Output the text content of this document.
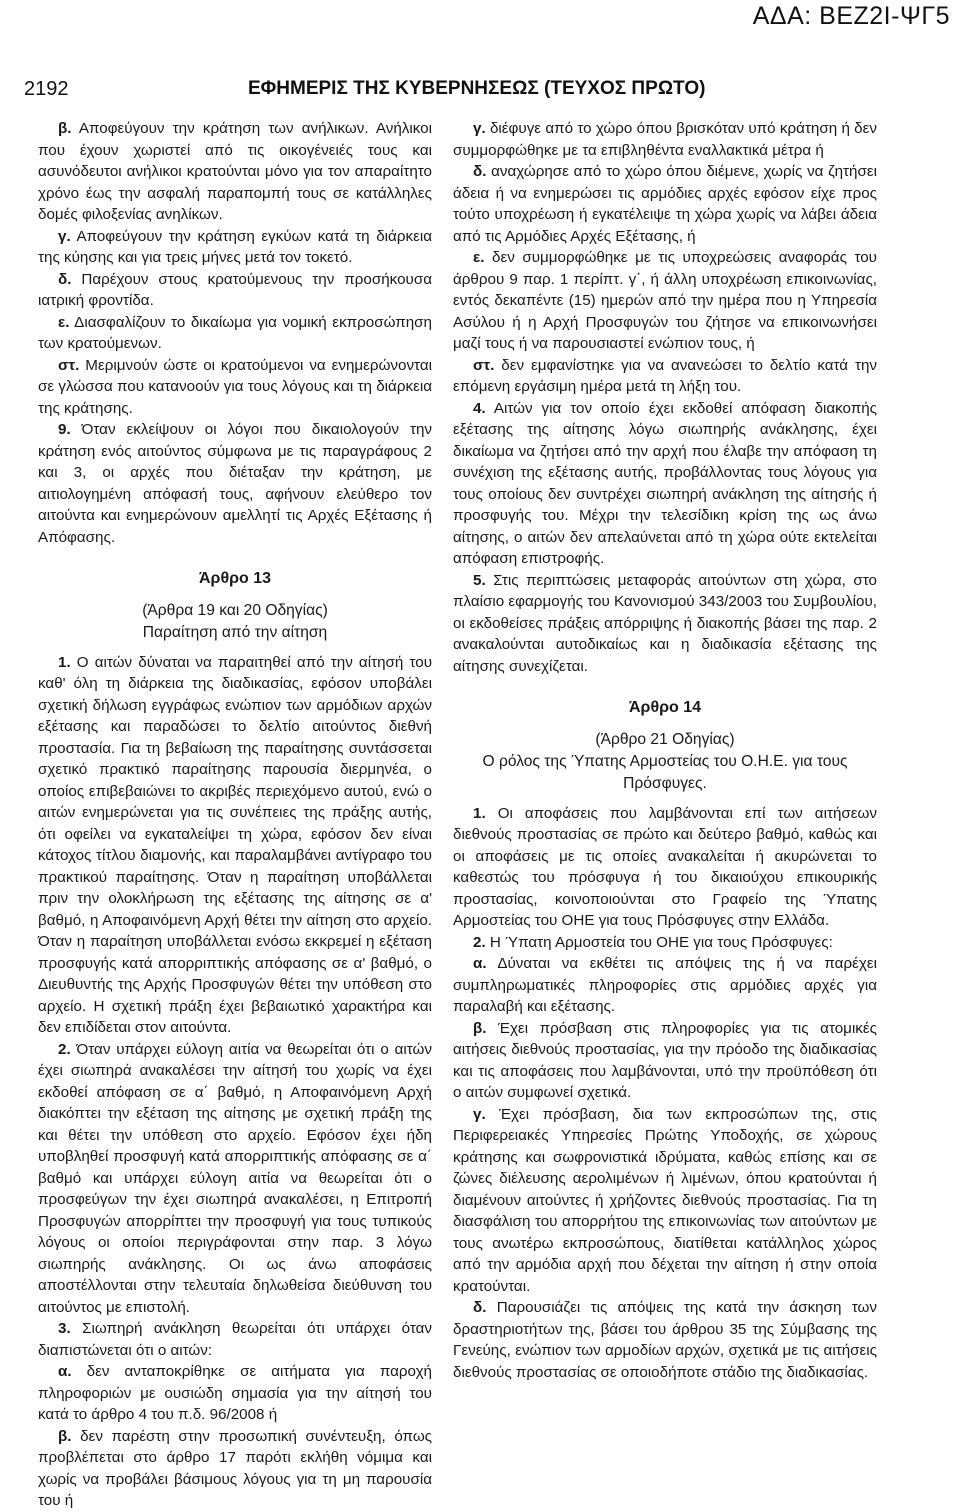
ΑΔΑ: ΒΕΖ2Ι-ΨΓ5
2192	ΕΦΗΜΕΡΙΣ ΤΗΣ ΚΥΒΕΡΝΗΣΕΩΣ (ΤΕΥΧΟΣ ΠΡΩΤΟ)

β. Αποφεύγουν την κράτηση των ανήλικων. Ανήλικοι που έχουν χωριστεί από τις οικογένειές τους και ασυνόδευτοι ανήλικοι κρατούνται μόνο για τον απαραίτητο χρόνο έως την ασφαλή παραπομπή τους σε κατάλληλες δομές φιλοξενίας ανηλίκων.

γ. Αποφεύγουν την κράτηση εγκύων κατά τη διάρκεια της κύησης και για τρεις μήνες μετά τον τοκετό.

δ. Παρέχουν στους κρατούμενους την προσήκουσα ιατρική φροντίδα.

ε. Διασφαλίζουν το δικαίωμα για νομική εκπροσώπηση των κρατούμενων.

στ. Μεριμνούν ώστε οι κρατούμενοι να ενημερώνονται σε γλώσσα που κατανοούν για τους λόγους και τη διάρκεια της κράτησης.

9. Όταν εκλείψουν οι λόγοι που δικαιολογούν την κράτηση ενός αιτούντος σύμφωνα με τις παραγράφους 2 και 3, οι αρχές που διέταξαν την κράτηση, με αιτιολογημένη απόφασή τους, αφήνουν ελεύθερο τον αιτούντα και ενημερώνουν αμελλητί τις Αρχές Εξέτασης ή Απόφασης.

Άρθρο 13

(Άρθρα 19 και 20 Οδηγίας)

Παραίτηση από την αίτηση

1. Ο αιτών δύναται να παραιτηθεί από την αίτησή του καθ' όλη τη διάρκεια της διαδικασίας, εφόσον υποβάλει σχετική δήλωση εγγράφως ενώπιον των αρμόδιων αρχών εξέτασης και παραδώσει το δελτίο αιτούντος διεθνή προστασία. Για τη βεβαίωση της παραίτησης συντάσσεται σχετικό πρακτικό παραίτησης παρουσία διερμηνέα, ο οποίος επιβεβαιώνει το ακριβές περιεχόμενο αυτού, ενώ ο αιτών ενημερώνεται για τις συνέπειες της πράξης αυτής, ότι οφείλει να εγκαταλείψει τη χώρα, εφόσον δεν είναι κάτοχος τίτλου διαμονής, και παραλαμβάνει αντίγραφο του πρακτικού παραίτησης. Όταν η παραίτηση υποβάλλεται πριν την ολοκλήρωση της εξέτασης της αίτησης σε α' βαθμό, η Αποφαινόμενη Αρχή θέτει την αίτηση στο αρχείο. Όταν η παραίτηση υποβάλλεται ενόσω εκκρεμεί η εξέταση προσφυγής κατά απορριπτικής απόφασης σε α' βαθμό, ο Διευθυντής της Αρχής Προσφυγών θέτει την υπόθεση στο αρχείο. Η σχετική πράξη έχει βεβαιωτικό χαρακτήρα και δεν επιδίδεται στον αιτούντα.

2. Όταν υπάρχει εύλογη αιτία να θεωρείται ότι ο αιτών έχει σιωπηρά ανακαλέσει την αίτησή του χωρίς να έχει εκδοθεί απόφαση σε α΄ βαθμό, η Αποφαινόμενη Αρχή διακόπτει την εξέταση της αίτησης με σχετική πράξη της και θέτει την υπόθεση στο αρχείο. Εφόσον έχει ήδη υποβληθεί προσφυγή κατά απορριπτικής απόφασης σε α΄ βαθμό και υπάρχει εύλογη αιτία να θεωρείται ότι ο προσφεύγων την έχει σιωπηρά ανακαλέσει, η Επιτροπή Προσφυγών απορρίπτει την προσφυγή για τους τυπικούς λόγους οι οποίοι περιγράφονται στην παρ. 3 λόγω σιωπηρής ανάκλησης. Οι ως άνω αποφάσεις αποστέλλονται στην τελευταία δηλωθείσα διεύθυνση του αιτούντος με επιστολή.

3. Σιωπηρή ανάκληση θεωρείται ότι υπάρχει όταν διαπιστώνεται ότι ο αιτών:

α. δεν ανταποκρίθηκε σε αιτήματα για παροχή πληροφοριών με ουσιώδη σημασία για την αίτησή του κατά το άρθρο 4 του π.δ. 96/2008 ή

β. δεν παρέστη στην προσωπική συνέντευξη, όπως προβλέπεται στο άρθρο 17 παρότι εκλήθη νόμιμα και χωρίς να προβάλει βάσιμους λόγους για τη μη παρουσία του ή

γ. διέφυγε από το χώρο όπου βρισκόταν υπό κράτηση ή δεν συμμορφώθηκε με τα επιβληθέντα εναλλακτικά μέτρα ή

δ. αναχώρησε από το χώρο όπου διέμενε, χωρίς να ζητήσει άδεια ή να ενημερώσει τις αρμόδιες αρχές εφόσον είχε προς τούτο υποχρέωση ή εγκατέλειψε τη χώρα χωρίς να λάβει άδεια από τις Αρμόδιες Αρχές Εξέτασης, ή

ε. δεν συμμορφώθηκε με τις υποχρεώσεις αναφοράς του άρθρου 9 παρ. 1 περίπτ. γ΄, ή άλλη υποχρέωση επικοινωνίας, εντός δεκαπέντε (15) ημερών από την ημέρα που η Υπηρεσία Ασύλου ή η Αρχή Προσφυγών του ζήτησε να επικοινωνήσει μαζί τους ή να παρουσιαστεί ενώπιον τους, ή

στ. δεν εμφανίστηκε για να ανανεώσει το δελτίο κατά την επόμενη εργάσιμη ημέρα μετά τη λήξη του.

4. Αιτών για τον οποίο έχει εκδοθεί απόφαση διακοπής εξέτασης της αίτησης λόγω σιωπηρής ανάκλησης, έχει δικαίωμα να ζητήσει από την αρχή που έλαβε την απόφαση τη συνέχιση της εξέτασης αυτής, προβάλλοντας τους λόγους για τους οποίους δεν συντρέχει σιωπηρή ανάκληση της αίτησής ή προσφυγής του. Μέχρι την τελεσίδικη κρίση της ως άνω αίτησης, ο αιτών δεν απελαύνεται από τη χώρα ούτε εκτελείται απόφαση επιστροφής.

5. Στις περιπτώσεις μεταφοράς αιτούντων στη χώρα, στο πλαίσιο εφαρμογής του Κανονισμού 343/2003 του Συμβουλίου, οι εκδοθείσες πράξεις απόρριψης ή διακοπής βάσει της παρ. 2 ανακαλούνται αυτοδικαίως και η διαδικασία εξέτασης της αίτησης συνεχίζεται.

Άρθρο 14

(Άρθρο 21 Οδηγίας)

Ο ρόλος της Ύπατης Αρμοστείας του Ο.Η.Ε. για τους Πρόσφυγες.

1. Οι αποφάσεις που λαμβάνονται επί των αιτήσεων διεθνούς προστασίας σε πρώτο και δεύτερο βαθμό, καθώς και οι αποφάσεις με τις οποίες ανακαλείται ή ακυρώνεται το καθεστώς του πρόσφυγα ή του δικαιούχου επικουρικής προστασίας, κοινοποιούνται στο Γραφείο της Ύπατης Αρμοστείας του ΟΗΕ για τους Πρόσφυγες στην Ελλάδα.

2. Η Ύπατη Αρμοστεία του ΟΗΕ για τους Πρόσφυγες:

α. Δύναται να εκθέτει τις απόψεις της ή να παρέχει συμπληρωματικές πληροφορίες στις αρμόδιες αρχές για παραλαβή και εξέτασης.

β. Έχει πρόσβαση στις πληροφορίες για τις ατομικές αιτήσεις διεθνούς προστασίας, για την πρόοδο της διαδικασίας και τις αποφάσεις που λαμβάνονται, υπό την προϋπόθεση ότι ο αιτών συμφωνεί σχετικά.

γ. Έχει πρόσβαση, δια των εκπροσώπων της, στις Περιφερειακές Υπηρεσίες Πρώτης Υποδοχής, σε χώρους κράτησης και σωφρονιστικά ιδρύματα, καθώς επίσης και σε ζώνες διέλευσης αερολιμένων ή λιμένων, όπου κρατούνται ή διαμένουν αιτούντες ή χρήζοντες διεθνούς προστασίας. Για τη διασφάλιση του απορρήτου της επικοινωνίας των αιτούντων με τους ανωτέρω εκπροσώπους, διατίθεται κατάλληλος χώρος από την αρμόδια αρχή που δέχεται την αίτηση ή στην οποία κρατούνται.

δ. Παρουσιάζει τις απόψεις της κατά την άσκηση των δραστηριοτήτων της, βάσει του άρθρου 35 της Σύμβασης της Γενεύης, ενώπιον των αρμοδίων αρχών, σχετικά με τις αιτήσεις διεθνούς προστασίας σε οποιοδήποτε στάδιο της διαδικασίας.
